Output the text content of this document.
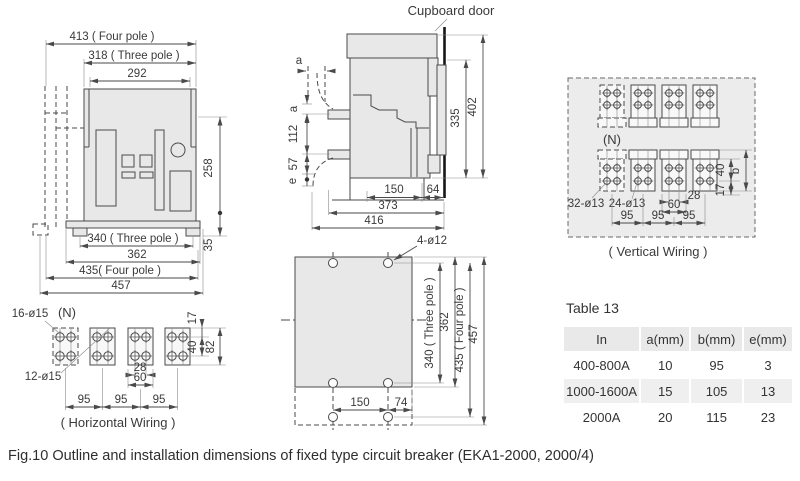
413 ( Four pole )
318 ( Three pole )
292
258
35
340 ( Three pole )
362
435( Four pole )
457
Cupboard door
a
a
112
57
e
150 64
373
416
335
402
(N)
32-ø13 24-ø13
28
60
95 95 95
40 b
17
( Vertical Wiring )
16-ø15 (N)
12-ø15
28
60
95 95 95
17
40 82
( Horizontal Wiring )
4-ø12
150 74
340 ( Three pole ) 362 435 ( Four pole ) 457
Table 13
In	a(mm)	b(mm)	e(mm)
400-800A	10	95	3
1000-1600A	15	105	13
2000A	20	115	23
Fig.10 Outline and installation dimensions of fixed type circuit breaker (EKA1-2000, 2000/4)
